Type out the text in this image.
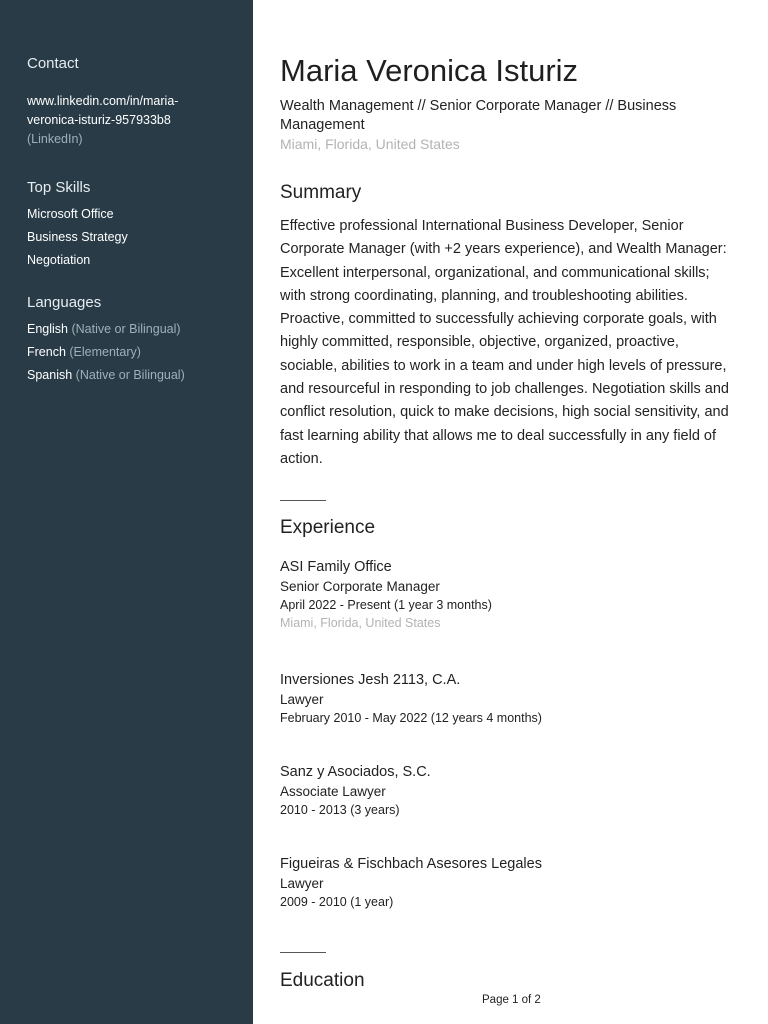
Contact
www.linkedin.com/in/maria-
veronica-isturiz-957933b8
(LinkedIn)
Top Skills
Microsoft Office
Business Strategy
Negotiation
Languages
English (Native or Bilingual)
French (Elementary)
Spanish (Native or Bilingual)
Maria Veronica Isturiz
Wealth Management // Senior Corporate Manager // Business Management
Miami, Florida, United States
Summary
Effective professional International Business Developer, Senior Corporate Manager (with +2 years experience), and Wealth Manager: Excellent interpersonal, organizational, and communicational skills; with strong coordinating, planning, and troubleshooting abilities. Proactive, committed to successfully achieving corporate goals, with highly committed, responsible, objective, organized, proactive, sociable, abilities to work in a team and under high levels of pressure, and resourceful in responding to job challenges. Negotiation skills and conflict resolution, quick to make decisions, high social sensitivity, and fast learning ability that allows me to deal successfully in any field of action.
Experience
ASI Family Office
Senior Corporate Manager
April 2022 - Present (1 year 3 months)
Miami, Florida, United States
Inversiones Jesh 2113, C.A.
Lawyer
February 2010 - May 2022 (12 years 4 months)
Sanz y Asociados, S.C.
Associate Lawyer
2010 - 2013 (3 years)
Figueiras & Fischbach Asesores Legales
Lawyer
2009 - 2010 (1 year)
Education
Page 1 of 2
